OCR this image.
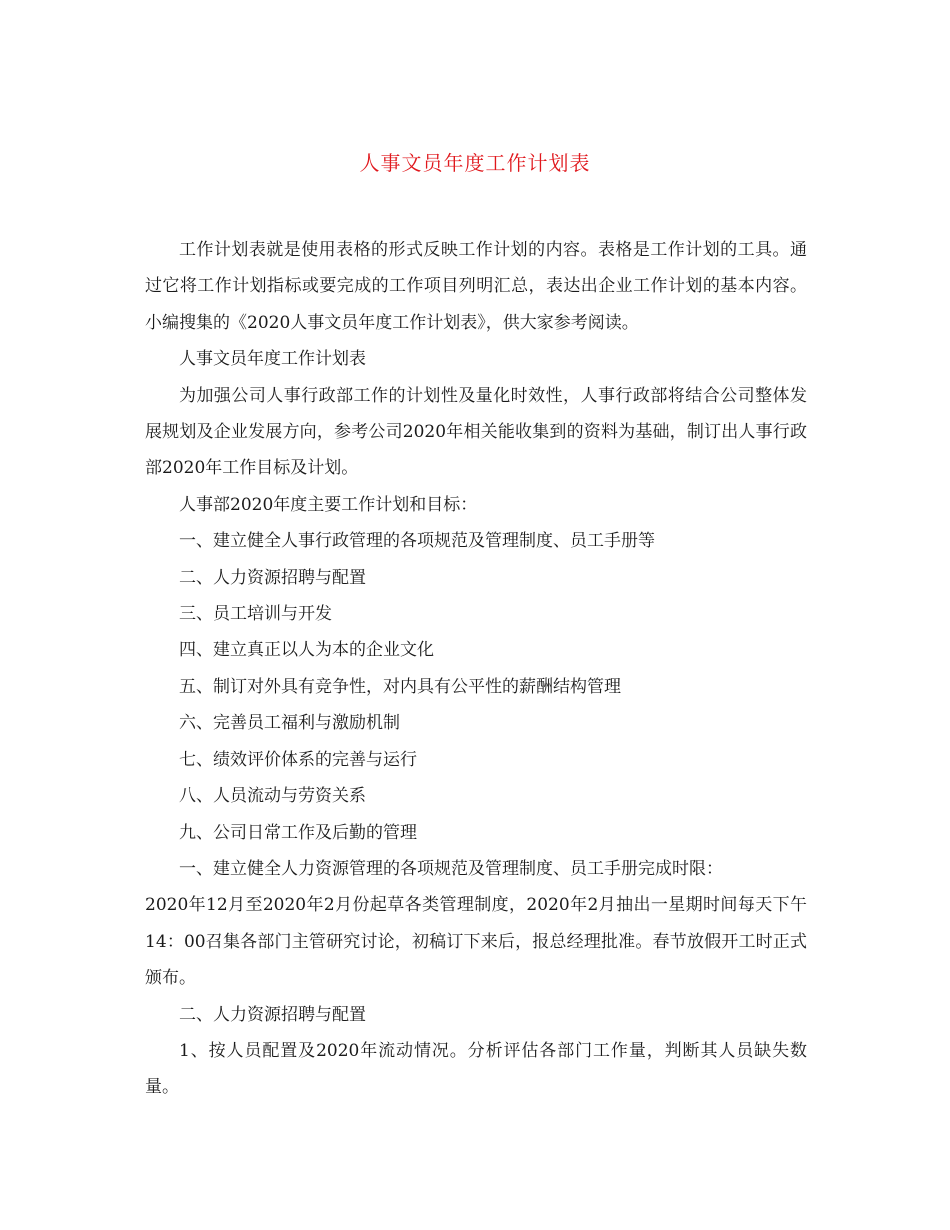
人事文员年度工作计划表

工作计划表就是使用表格的形式反映工作计划的内容。表格是工作计划的工具。通过它将工作计划指标或要完成的工作项目列明汇总，表达出企业工作计划的基本内容。小编搜集的《2020人事文员年度工作计划表》，供大家参考阅读。

人事文员年度工作计划表

为加强公司人事行政部工作的计划性及量化时效性，人事行政部将结合公司整体发展规划及企业发展方向，参考公司2020年相关能收集到的资料为基础，制订出人事行政部2020年工作目标及计划。

人事部2020年度主要工作计划和目标：

一、建立健全人事行政管理的各项规范及管理制度、员工手册等

二、人力资源招聘与配置

三、员工培训与开发

四、建立真正以人为本的企业文化

五、制订对外具有竞争性，对内具有公平性的薪酬结构管理

六、完善员工福利与激励机制

七、绩效评价体系的完善与运行

八、人员流动与劳资关系

九、公司日常工作及后勤的管理

一、建立健全人力资源管理的各项规范及管理制度、员工手册完成时限：

2020年12月至2020年2月份起草各类管理制度，2020年2月抽出一星期时间每天下午14：00召集各部门主管研究讨论，初稿订下来后，报总经理批准。春节放假开工时正式颁布。

二、人力资源招聘与配置

1、按人员配置及2020年流动情况。分析评估各部门工作量，判断其人员缺失数量。
